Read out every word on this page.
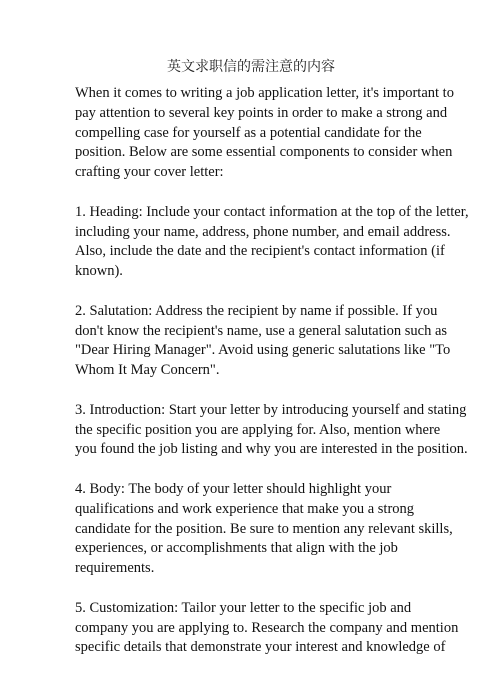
英文求职信的需注意的内容

When it comes to writing a job application letter, it's important to
pay attention to several key points in order to make a strong and
compelling case for yourself as a potential candidate for the
position. Below are some essential components to consider when
crafting your cover letter:

1. Heading: Include your contact information at the top of the letter,
including your name, address, phone number, and email address.
Also, include the date and the recipient's contact information (if
known).

2. Salutation: Address the recipient by name if possible. If you
don't know the recipient's name, use a general salutation such as
"Dear Hiring Manager". Avoid using generic salutations like "To
Whom It May Concern".

3. Introduction: Start your letter by introducing yourself and stating
the specific position you are applying for. Also, mention where
you found the job listing and why you are interested in the position.

4. Body: The body of your letter should highlight your
qualifications and work experience that make you a strong
candidate for the position. Be sure to mention any relevant skills,
experiences, or accomplishments that align with the job
requirements.

5. Customization: Tailor your letter to the specific job and
company you are applying to. Research the company and mention
specific details that demonstrate your interest and knowledge of
